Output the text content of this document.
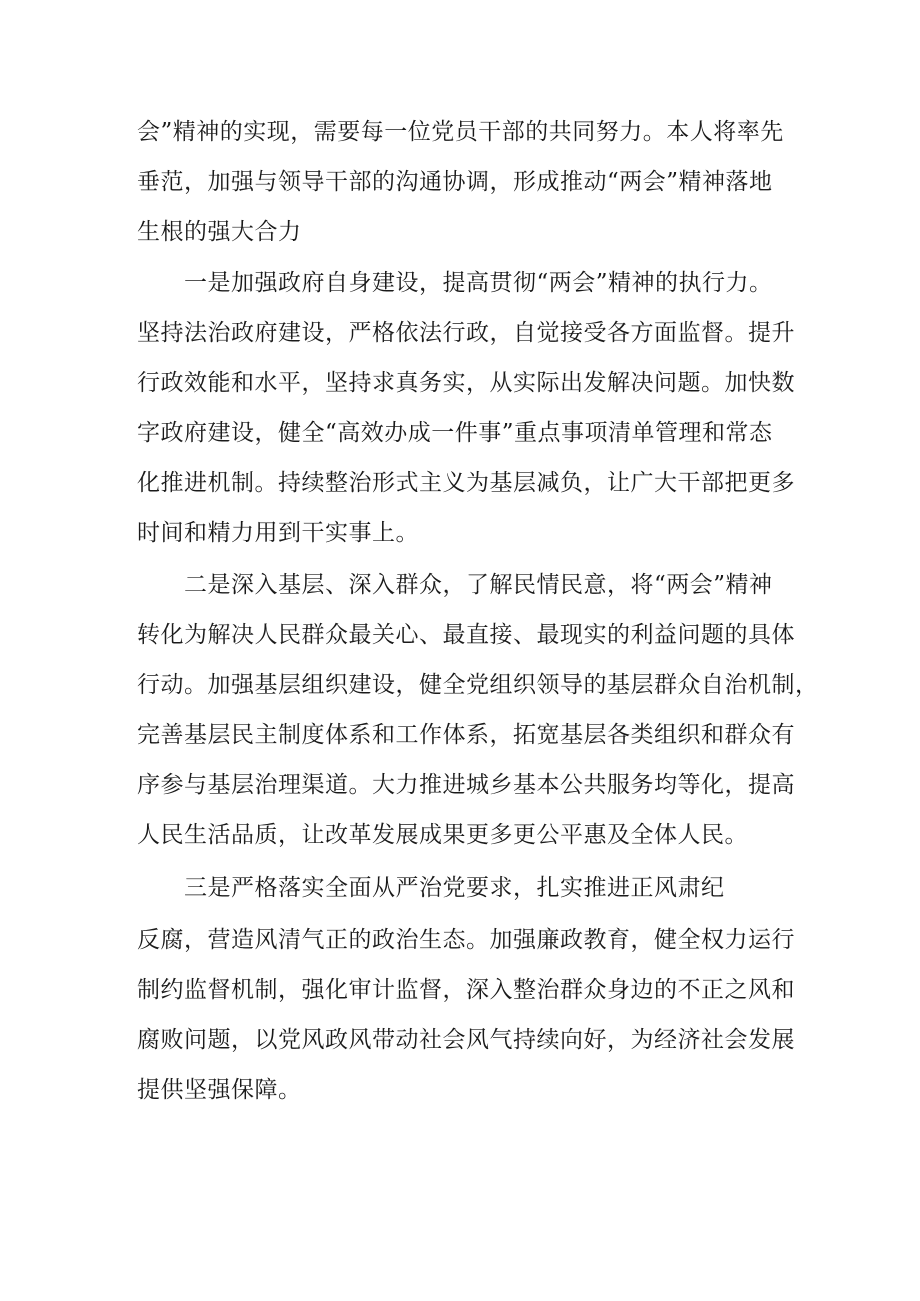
会”精神的实现，需要每一位党员干部的共同努力。本人将率先
垂范，加强与领导干部的沟通协调，形成推动“两会”精神落地
生根的强大合力
一是加强政府自身建设，提高贯彻“两会”精神的执行力。
坚持法治政府建设，严格依法行政，自觉接受各方面监督。提升
行政效能和水平，坚持求真务实，从实际出发解决问题。加快数
字政府建设，健全“高效办成一件事”重点事项清单管理和常态
化推进机制。持续整治形式主义为基层减负，让广大干部把更多
时间和精力用到干实事上。
二是深入基层、深入群众，了解民情民意，将“两会”精神
转化为解决人民群众最关心、最直接、最现实的利益问题的具体
行动。加强基层组织建设，健全党组织领导的基层群众自治机制，
完善基层民主制度体系和工作体系，拓宽基层各类组织和群众有
序参与基层治理渠道。大力推进城乡基本公共服务均等化，提高
人民生活品质，让改革发展成果更多更公平惠及全体人民。
三是严格落实全面从严治党要求，扎实推进正风肃纪
反腐，营造风清气正的政治生态。加强廉政教育，健全权力运行
制约监督机制，强化审计监督，深入整治群众身边的不正之风和
腐败问题，以党风政风带动社会风气持续向好，为经济社会发展
提供坚强保障。
